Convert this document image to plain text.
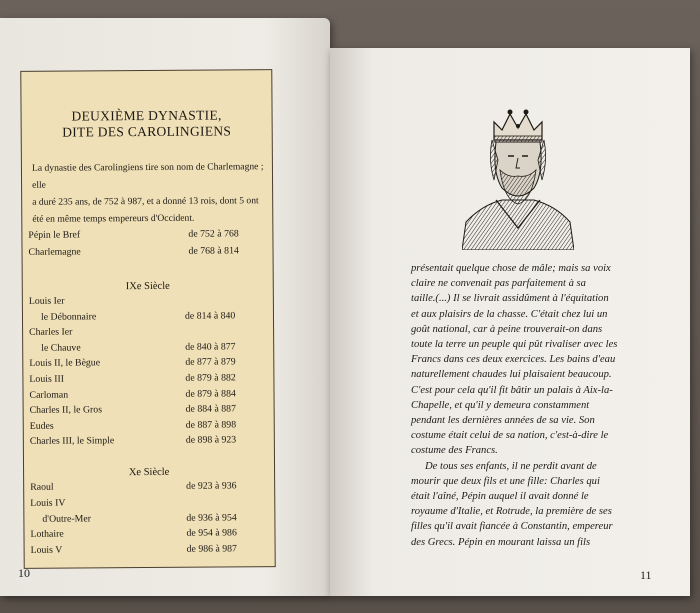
DEUXIÈME DYNASTIE,
DITE DES CAROLINGIENS
La dynastie des Carolingiens tire son nom de Charlemagne ; elle
a duré 235 ans, de 752 à 987, et a donné 13 rois, dont 5 ont
été en même temps empereurs d'Occident.
Pépin le Bref	de 752 à 768
Charlemagne	de 768 à 814
IXe Siècle
Louis Ier
le Débonnaire	de 814 à 840
Charles Ier
le Chauve	de 840 à 877
Louis II, le Bègue	de 877 à 879
Louis III	de 879 à 882
Carloman	de 879 à 884
Charles II, le Gros	de 884 à 887
Eudes	de 887 à 898
Charles III, le Simple	de 898 à 923
Xe Siècle
Raoul	de 923 à 936
Louis IV
d'Outre-Mer	de 936 à 954
Lothaire	de 954 à 986
Louis V	de 986 à 987
10	11
présentait quelque chose de mâle; mais sa voix
claire ne convenait pas parfaitement à sa
taille.(...) Il se livrait assidûment à l'équitation
et aux plaisirs de la chasse. C'était chez lui un
goût national, car à peine trouverait-on dans
toute la terre un peuple qui pût rivaliser avec les
Francs dans ces deux exercices. Les bains d'eau
naturellement chaudes lui plaisaient beaucoup.
C'est pour cela qu'il fit bâtir un palais à Aix-la-
Chapelle, et qu'il y demeura constamment
pendant les dernières années de sa vie. Son
costume était celui de sa nation, c'est-à-dire le
costume des Francs.
De tous ses enfants, il ne perdit avant de
mourir que deux fils et une fille: Charles qui
était l'aîné, Pépin auquel il avait donné le
royaume d'Italie, et Rotrude, la première de ses
filles qu'il avait fiancée à Constantin, empereur
des Grecs. Pépin en mourant laissa un fils
